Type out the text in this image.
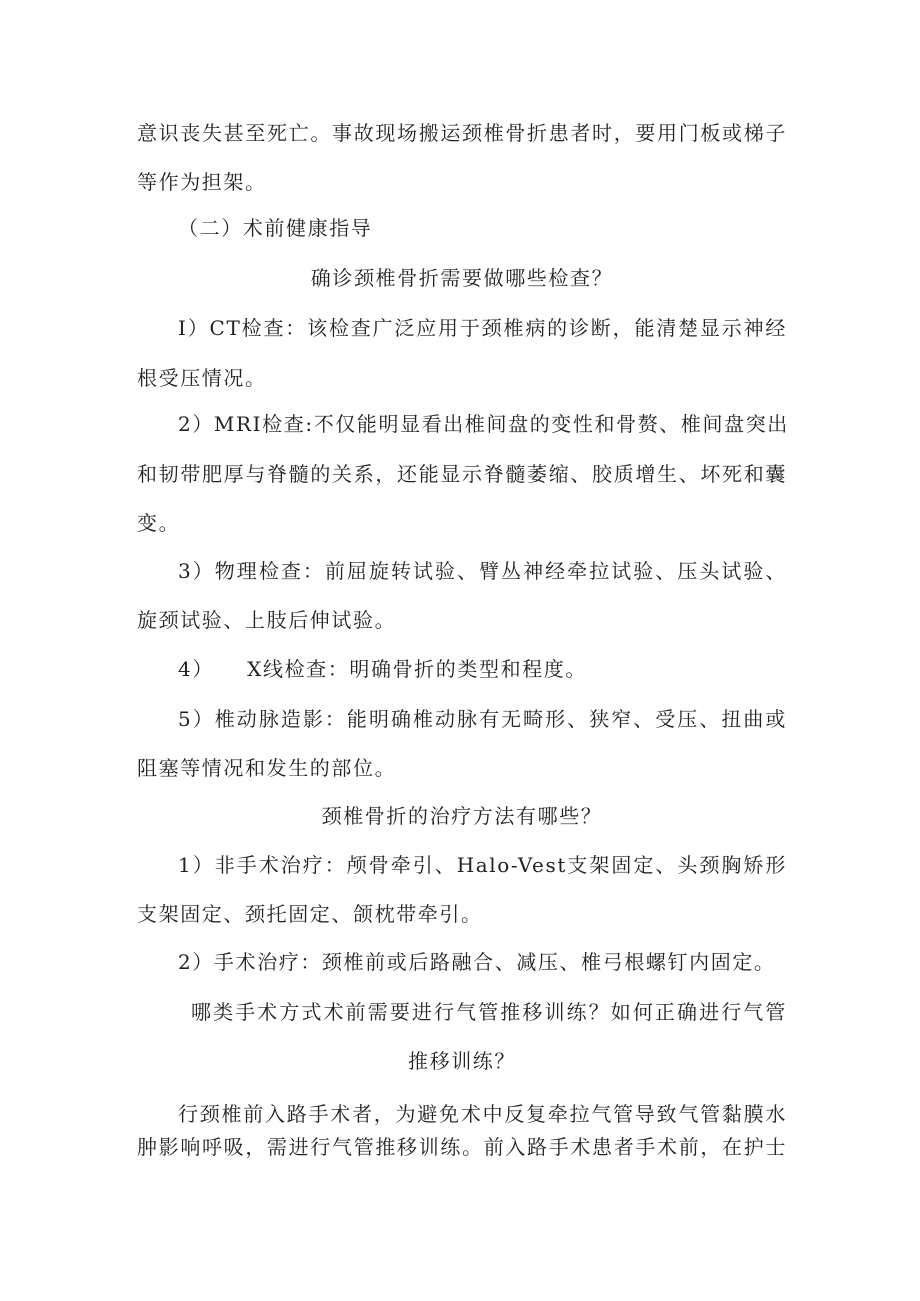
意识丧失甚至死亡。事故现场搬运颈椎骨折患者时，要用门板或梯子
等作为担架。
（二）术前健康指导
确诊颈椎骨折需要做哪些检查？
I）CT检查：该检查广泛应用于颈椎病的诊断，能清楚显示神经
根受压情况。
2）MRI检查:不仅能明显看出椎间盘的变性和骨赘、椎间盘突出
和韧带肥厚与脊髓的关系，还能显示脊髓萎缩、胶质增生、坏死和囊
变。
3）物理检查：前屈旋转试验、臂丛神经牵拉试验、压头试验、
旋颈试验、上肢后伸试验。
4）　　X线检查：明确骨折的类型和程度。
5）椎动脉造影：能明确椎动脉有无畸形、狭窄、受压、扭曲或
阻塞等情况和发生的部位。
颈椎骨折的治疗方法有哪些？
1）非手术治疗：颅骨牵引、Halo-Vest支架固定、头颈胸矫形
支架固定、颈托固定、颌枕带牵引。
2）手术治疗：颈椎前或后路融合、减压、椎弓根螺钉内固定。
哪类手术方式术前需要进行气管推移训练？如何正确进行气管
推移训练？
行颈椎前入路手术者，为避免术中反复牵拉气管导致气管黏膜水
肿影响呼吸，需进行气管推移训练。前入路手术患者手术前，在护士
